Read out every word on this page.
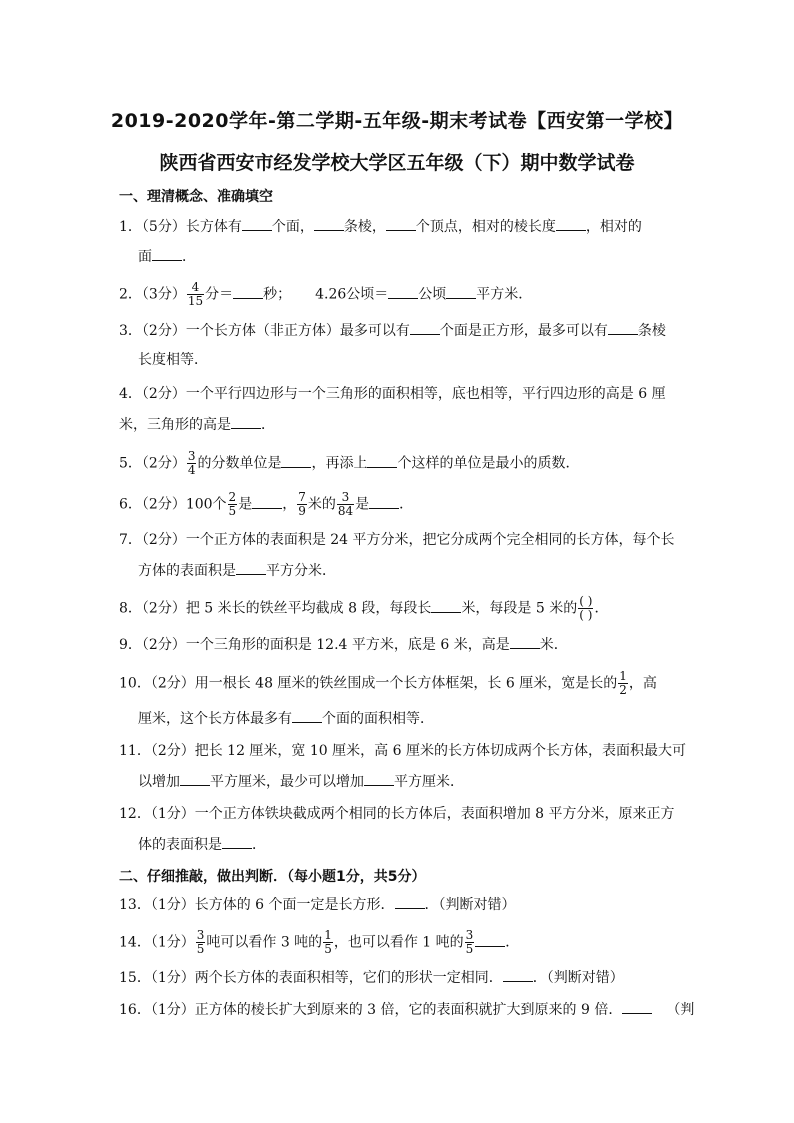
2019-2020学年-第二学期-五年级-期末考试卷【西安第一学校】
陕西省西安市经发学校大学区五年级（下）期中数学试卷
一、理清概念、准确填空
1．（5分）长方体有 个面， 条棱， 个顶点，相对的棱长度 ，相对的
面 ．
2．（3分） $\frac{4}{15}$ 分＝ 秒； 4.26公顷＝ 公顷 平方米．
3．（2分）一个长方体（非正方体）最多可以有 个面是正方形，最多可以有 条棱
长度相等．
4．（2分）一个平行四边形与一个三角形的面积相等，底也相等，平行四边形的高是 6 厘
米，三角形的高是 ．
5．（2分） $\frac{3}{4}$ 的分数单位是 ，再添上 个这样的单位是最小的质数．
6．（2分）100个 $\frac{2}{5}$ 是 ， $\frac{7}{9}$ 米的 $\frac{3}{84}$ 是 ．
7．（2分）一个正方体的表面积是 24 平方分米，把它分成两个完全相同的长方体，每个长
方体的表面积是 平方分米．
8．（2分）把 5 米长的铁丝平均截成 8 段，每段长 米，每段是 5 米的 $\frac{( )}{( )}$ ．
9．（2分）一个三角形的面积是 12.4 平方米，底是 6 米，高是 米．
10．（2分）用一根长 48 厘米的铁丝围成一个长方体框架，长 6 厘米，宽是长的 $\frac{1}{2}$ ，高
厘米，这个长方体最多有 个面的面积相等．
11．（2分）把长 12 厘米，宽 10 厘米，高 6 厘米的长方体切成两个长方体，表面积最大可
以增加 平方厘米，最少可以增加 平方厘米．
12．（1分）一个正方体铁块截成两个相同的长方体后，表面积增加 8 平方分米，原来正方
体的表面积是 ．
二、仔细推敲，做出判断．（每小题1分，共5分）
13．（1分）长方体的 6 个面一定是长方形． ．（判断对错）
14．（1分） $\frac{3}{5}$ 吨可以看作 3 吨的 $\frac{1}{5}$ ，也可以看作 1 吨的 $\frac{3}{5}$ ．
15．（1分）两个长方体的表面积相等，它们的形状一定相同． ．（判断对错）
16．（1分）正方体的棱长扩大到原来的 3 倍，它的表面积就扩大到原来的 9 倍．	（判
